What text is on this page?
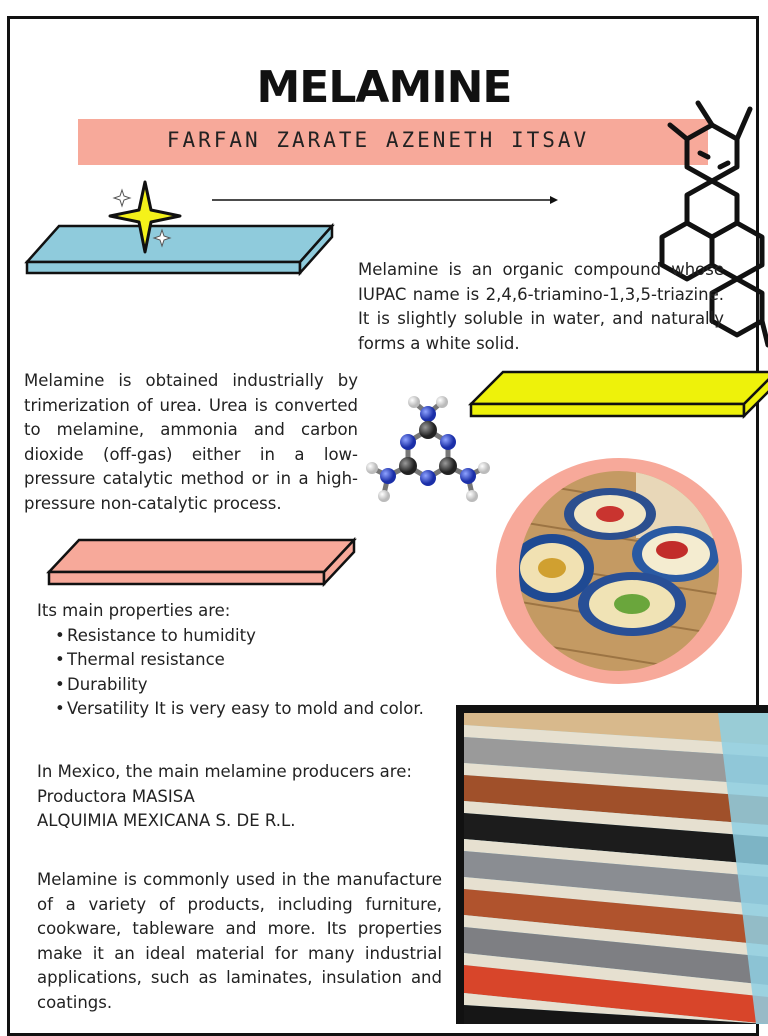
MELAMINE
FARFAN ZARATE AZENETH ITSAV

Melamine is an organic compound whose IUPAC name is 2,4,6-triamino-1,3,5-triazine. It is slightly soluble in water, and naturally forms a white solid.

Melamine is obtained industrially by trimerization of urea. Urea is converted to melamine, ammonia and carbon dioxide (off-gas) either in a low-pressure catalytic method or in a high-pressure non-catalytic process.

Its main properties are:
• Resistance to humidity
• Thermal resistance
• Durability
• Versatility It is very easy to mold and color.
In Mexico, the main melamine producers are:
Productora MASISA
ALQUIMIA MEXICANA S. DE R.L.

Melamine is commonly used in the manufacture of a variety of products, including furniture, cookware, tableware and more. Its properties make it an ideal material for many industrial applications, such as laminates, insulation and coatings.
